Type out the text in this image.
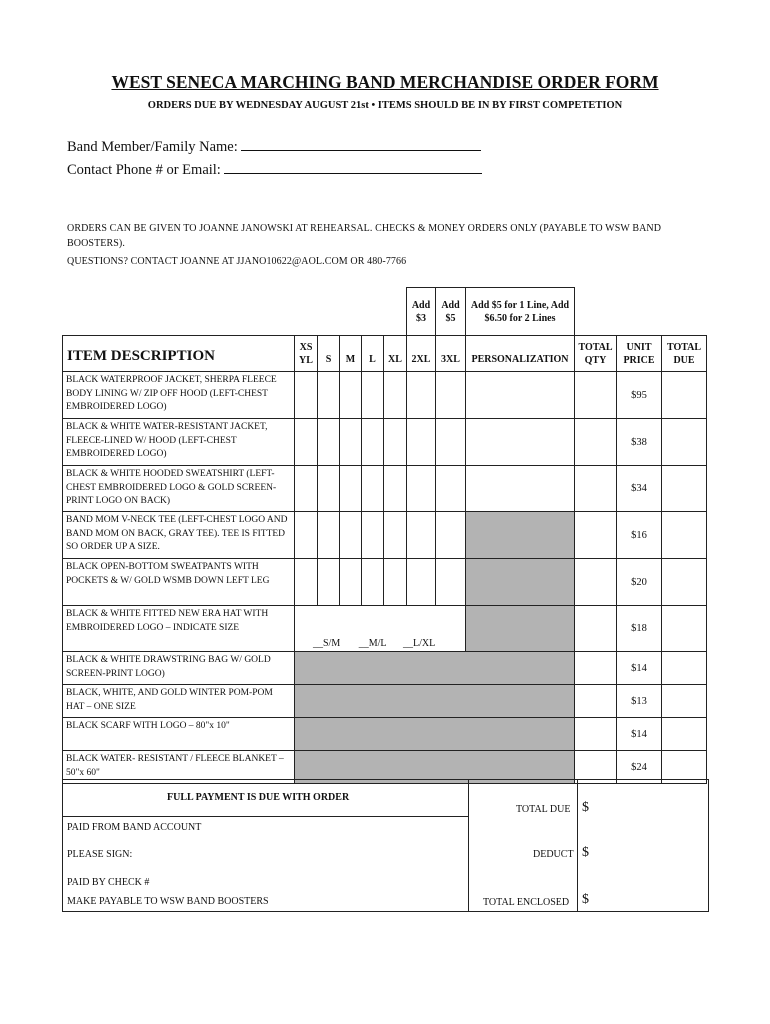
WEST SENECA MARCHING BAND MERCHANDISE ORDER FORM
ORDERS DUE BY WEDNESDAY AUGUST 21st • ITEMS SHOULD BE IN BY FIRST COMPETETION
Band Member/Family Name:
Contact Phone # or Email:
ORDERS CAN BE GIVEN TO JOANNE JANOWSKI AT REHEARSAL. CHECKS & MONEY ORDERS ONLY (PAYABLE TO WSW BAND BOOSTERS).
QUESTIONS? CONTACT JOANNE AT JJANO10622@AOL.COM OR 480-7766
						Add $3	Add $5	Add $5 for 1 Line, Add $6.50 for 2 Lines			
ITEM DESCRIPTION	XS YL	S	M	L	XL	2XL	3XL	PERSONALIZATION	TOTAL QTY	UNIT PRICE	TOTAL DUE
BLACK WATERPROOF JACKET, SHERPA FLEECE BODY LINING W/ ZIP OFF HOOD (LEFT-CHEST EMBROIDERED LOGO)										$95	
BLACK & WHITE WATER-RESISTANT JACKET, FLEECE-LINED W/ HOOD (LEFT-CHEST EMBROIDERED LOGO)										$38	
BLACK & WHITE HOODED SWEATSHIRT (LEFT-CHEST EMBROIDERED LOGO & GOLD SCREEN-PRINT LOGO ON BACK)										$34	
BAND MOM V-NECK TEE (LEFT-CHEST LOGO AND BAND MOM ON BACK, GRAY TEE). TEE IS FITTED SO ORDER UP A SIZE.										$16	
BLACK OPEN-BOTTOM SWEATPANTS WITH POCKETS & W/ GOLD WSMB DOWN LEFT LEG										$20	
BLACK & WHITE FITTED NEW ERA HAT WITH EMBROIDERED LOGO – INDICATE SIZE	__S/M __M/L __L/XL									$18	
BLACK & WHITE DRAWSTRING BAG W/ GOLD SCREEN-PRINT LOGO)										$14	
BLACK, WHITE, AND GOLD WINTER POM-POM HAT – ONE SIZE										$13	
BLACK SCARF WITH LOGO – 80"x 10"										$14	
BLACK WATER- RESISTANT / FLEECE BLANKET – 50"x 60"										$24	
FULL PAYMENT IS DUE WITH ORDER
PAID FROM BAND ACCOUNT
PLEASE SIGN:
PAID BY CHECK #
MAKE PAYABLE TO WSW BAND BOOSTERS
TOTAL DUE $
DEDUCT $
TOTAL ENCLOSED $
